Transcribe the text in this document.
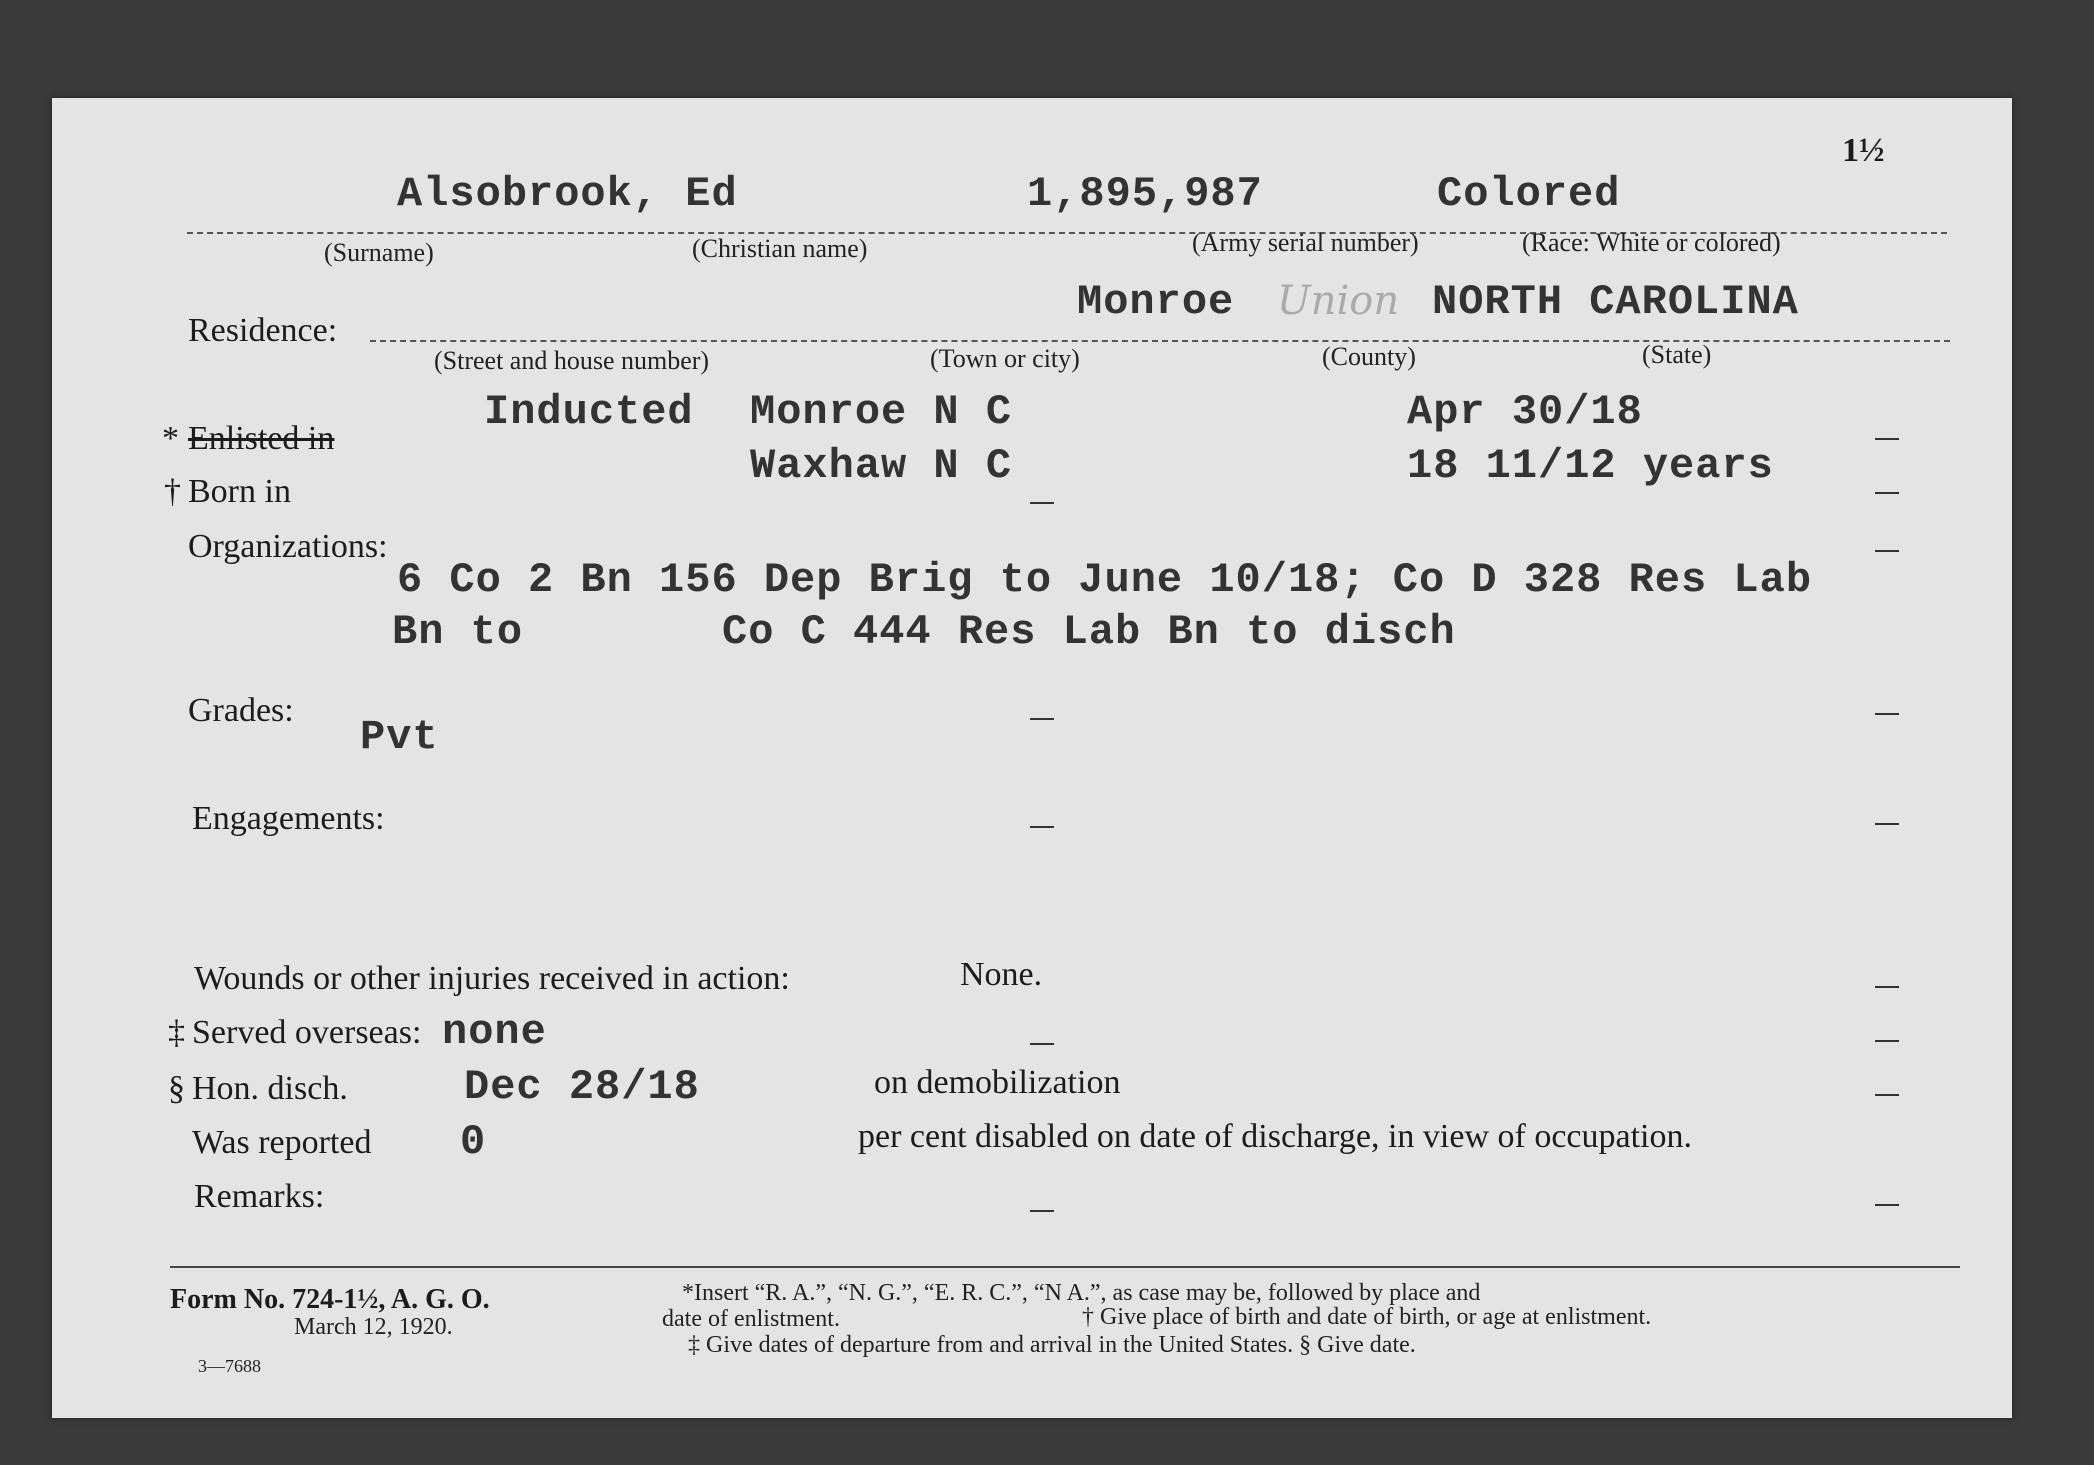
1½
Alsobrook, Ed	1,895,987	Colored
(Surname)	(Christian name)	(Army serial number)	(Race: White or colored)
Residence:
Monroe Union NORTH CAROLINA
(Street and house number)	(Town or city)	(County)	(State)
* Enlisted in
Inducted Monroe N C	Apr 30/18
† Born in
Waxhaw N C	18 11/12 years
Organizations:
6 Co 2 Bn 156 Dep Brig to June 10/18; Co D 328 Res Lab
Bn to	Co C 444 Res Lab Bn to disch
Grades:
Pvt
Engagements:
Wounds or other injuries received in action:	None.
‡ Served overseas: none
§ Hon. disch.	Dec 28/18	on demobilization
Was reported 0	per cent disabled on date of discharge, in view of occupation.
Remarks:
Form No. 724-1½, A. G. O.
March 12, 1920.
3—7688
*Insert “R. A.”, “N. G.”, “E. R. C.”, “N A.”, as case may be, followed by place and
date of enlistment.	† Give place of birth and date of birth, or age at enlistment.
‡ Give dates of departure from and arrival in the United States. § Give date.
